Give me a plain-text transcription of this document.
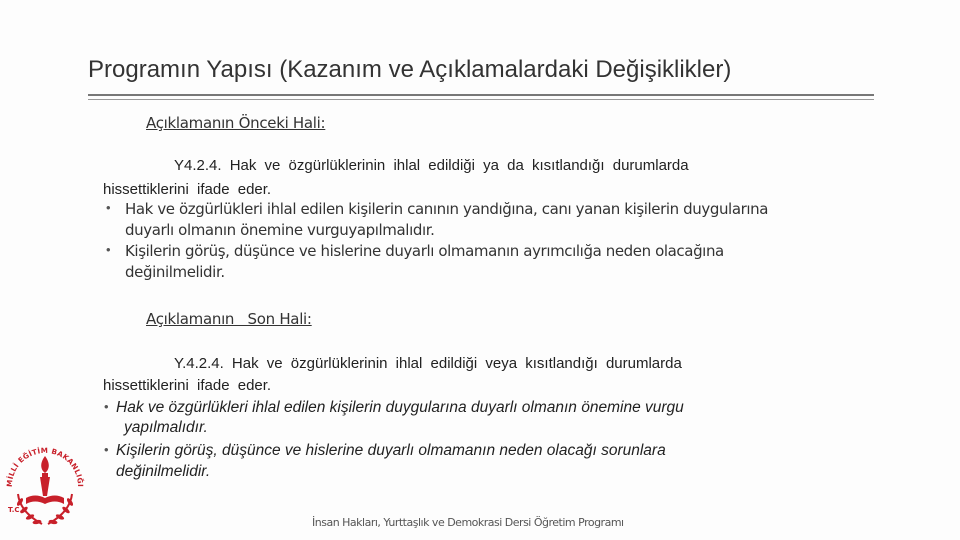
Programın Yapısı (Kazanım ve Açıklamalardaki Değişiklikler)
Açıklamanın Önceki Hali:
Y4.2.4. Hak ve özgürlüklerinin ihlal edildiği ya da kısıtlandığı durumlarda
hissettiklerini ifade eder.
• Hak ve özgürlükleri ihlal edilen kişilerin canının yandığına, canı yanan kişilerin duygularına
duyarlı olmanın önemine vurguyapılmalıdır.
• Kişilerin görüş, düşünce ve hislerine duyarlı olmamanın ayrımcılığa neden olacağına
değinilmelidir.
Açıklamanın   Son Hali:
Y.4.2.4. Hak ve özgürlüklerinin ihlal edildiği veya kısıtlandığı durumlarda
hissettiklerini ifade eder.
• Hak ve özgürlükleri ihlal edilen kişilerin duygularına duyarlı olmanın önemine vurgu
yapılmalıdır.
• Kişilerin görüş, düşünce ve hislerine duyarlı olmamanın neden olacağı sorunlara
değinilmelidir.
MİLLİ EĞİTİM BAKANLIĞI
T.C.
İnsan Hakları, Yurttaşlık ve Demokrasi Dersi Öğretim Programı
